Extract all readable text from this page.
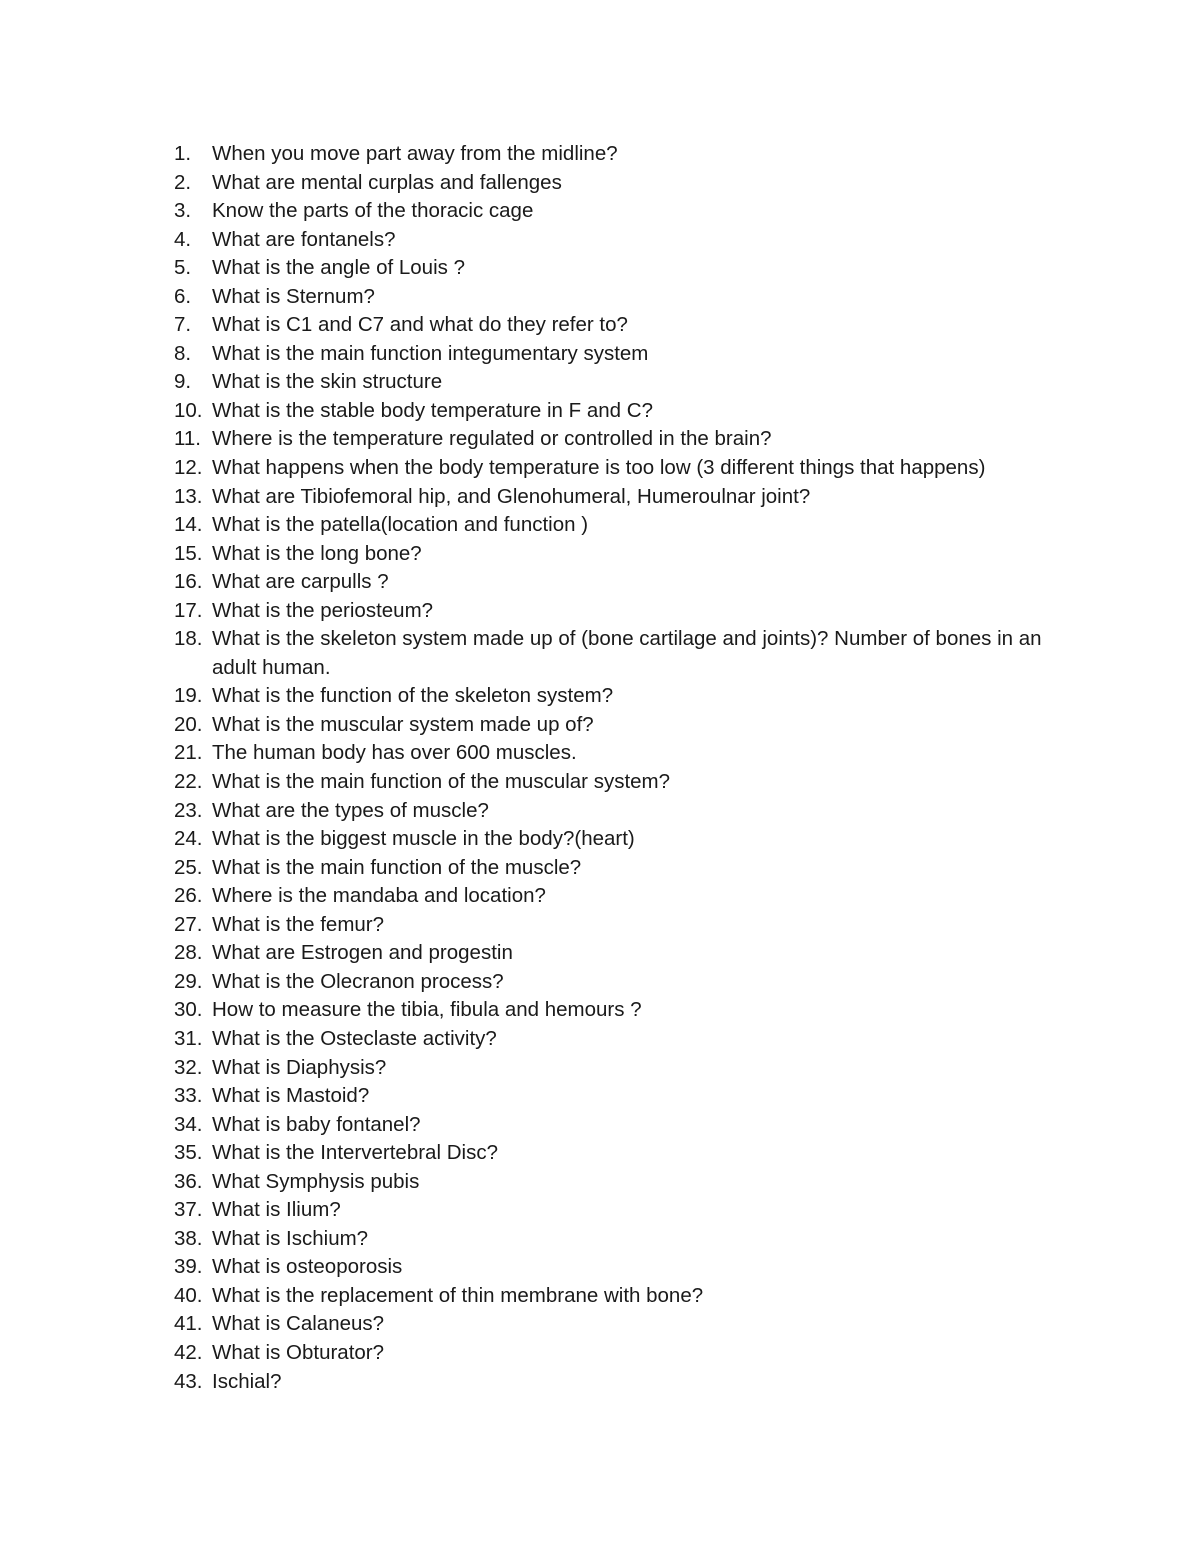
1.	When you move part away from the midline?
2.	What are mental curplas and fallenges
3.	Know the parts of the thoracic cage
4.	What are fontanels?
5.	What is the angle of Louis ?
6.	What is Sternum?
7.	What is C1 and C7 and what do they refer to?
8.	What is the main function integumentary system
9.	What is the skin structure
10. What is the stable body temperature in F and C?
11. Where is the temperature regulated or controlled in the brain?
12. What happens when the body temperature is too low (3 different things that happens)
13. What are Tibiofemoral hip, and Glenohumeral, Humeroulnar joint?
14. What is the patella(location and function )
15. What is the long bone?
16. What are carpulls ?
17. What is the periosteum?
18. What is the skeleton system made up of (bone cartilage and joints)? Number of bones in an adult human.
19. What is the function of the skeleton system?
20. What is the muscular system made up of?
21. The human body has over 600 muscles.
22. What is the main function of the muscular system?
23. What are the types of muscle?
24. What is the biggest muscle in the body?(heart)
25. What is the main function of the muscle?
26. Where is the mandaba and location?
27. What is the femur?
28. What are Estrogen and progestin
29. What is the Olecranon process?
30. How to measure the tibia, fibula and hemours ?
31. What is the Osteclaste activity?
32. What is Diaphysis?
33. What is Mastoid?
34. What is baby fontanel?
35. What is the Intervertebral Disc?
36. What Symphysis pubis
37. What is Ilium?
38. What is Ischium?
39. What is osteoporosis
40. What is the replacement of thin membrane with bone?
41. What is Calaneus?
42. What is Obturator?
43. Ischial?
